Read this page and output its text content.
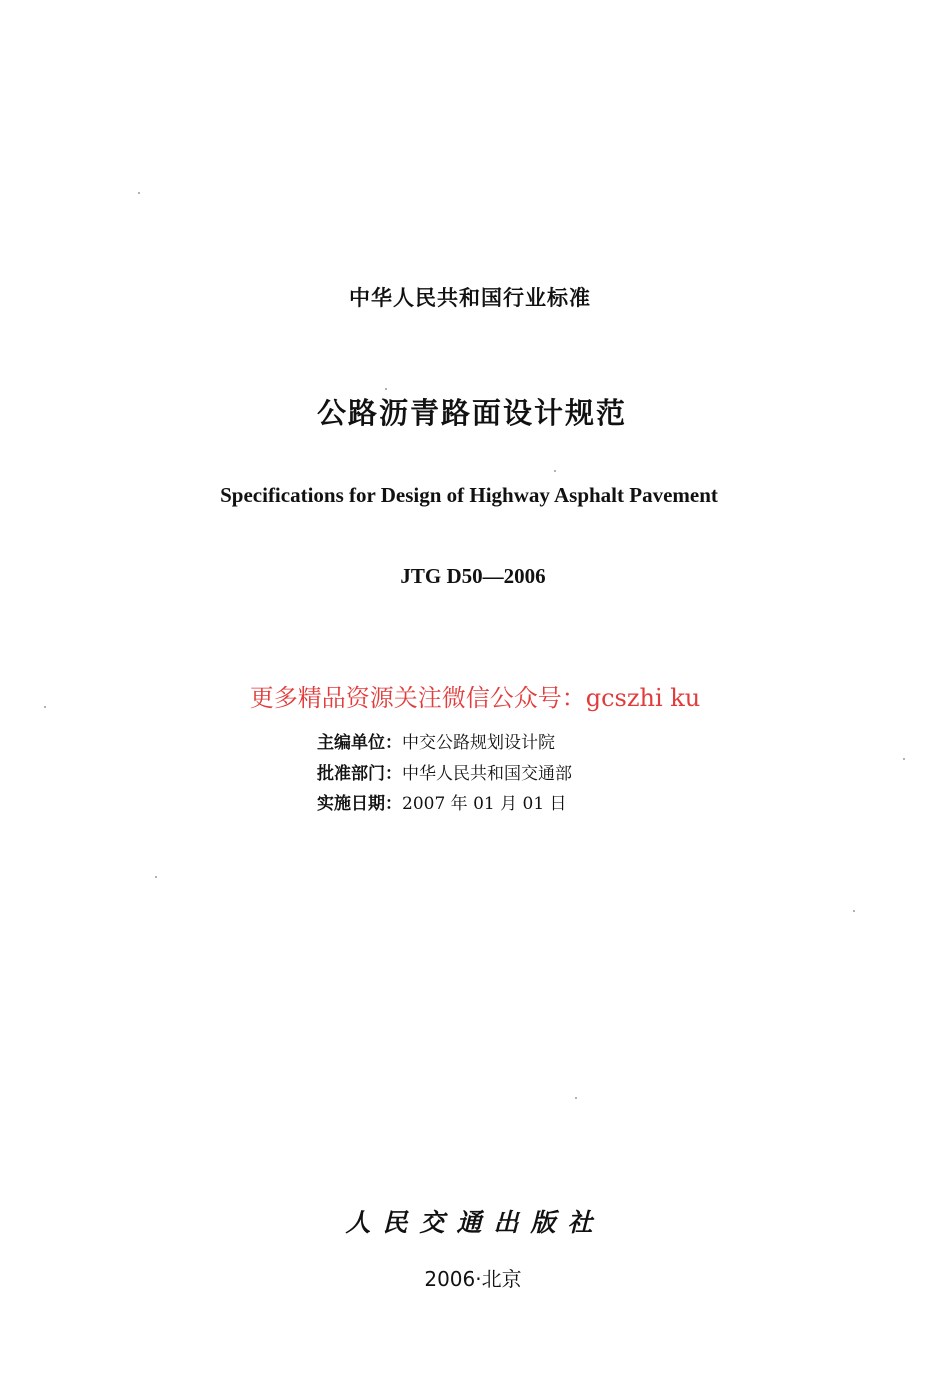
中华人民共和国行业标准
公路沥青路面设计规范
Specifications for Design of Highway Asphalt Pavement
JTG D50—2006
更多精品资源关注微信公众号：gcszhi ku
主编单位：中交公路规划设计院
批准部门：中华人民共和国交通部
实施日期：2007 年 01 月 01 日
人民交通出版社
2006·北京
